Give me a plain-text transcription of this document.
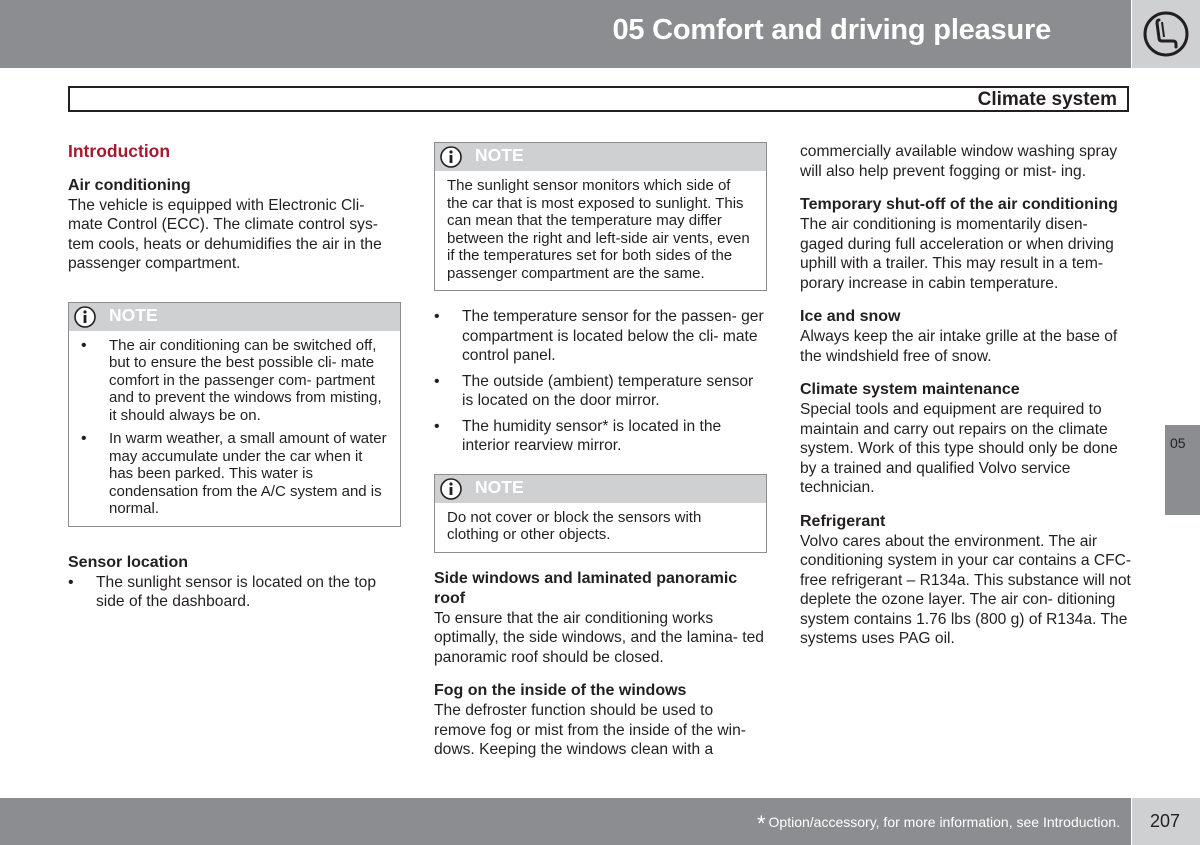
05 Comfort and driving pleasure
Climate system
Introduction
Air conditioning

The vehicle is equipped with Electronic Cli- mate Control (ECC). The climate control sys- tem cools, heats or dehumidifies the air in the passenger compartment.

NOTE
• The air conditioning can be switched off, but to ensure the best possible cli- mate comfort in the passenger com- partment and to prevent the windows from misting, it should always be on.
• In warm weather, a small amount of water may accumulate under the car when it has been parked. This water is condensation from the A/C system and is normal.
Sensor location
• The sunlight sensor is located on the top side of the dashboard.
NOTE
The sunlight sensor monitors which side of the car that is most exposed to sunlight. This can mean that the temperature may differ between the right and left-side air vents, even if the temperatures set for both sides of the passenger compartment are the same.
• The temperature sensor for the passen- ger compartment is located below the cli- mate control panel.
• The outside (ambient) temperature sensor is located on the door mirror.
• The humidity sensor* is located in the interior rearview mirror.
NOTE
Do not cover or block the sensors with clothing or other objects.
Side windows and laminated panoramic roof

To ensure that the air conditioning works optimally, the side windows, and the lamina- ted panoramic roof should be closed.

Fog on the inside of the windows

The defroster function should be used to remove fog or mist from the inside of the win- dows. Keeping the windows clean with a

commercially available window washing spray will also help prevent fogging or mist- ing.

Temporary shut-off of the air conditioning

The air conditioning is momentarily disen- gaged during full acceleration or when driving uphill with a trailer. This may result in a tem- porary increase in cabin temperature.

Ice and snow

Always keep the air intake grille at the base of the windshield free of snow.

Climate system maintenance

Special tools and equipment are required to maintain and carry out repairs on the climate system. Work of this type should only be done by a trained and qualified Volvo service technician.

Refrigerant

Volvo cares about the environment. The air conditioning system in your car contains a CFC-free refrigerant – R134a. This substance will not deplete the ozone layer. The air con- ditioning system contains 1.76 lbs (800 g) of R134a. The systems uses PAG oil.

05
* Option/accessory, for more information, see Introduction. 207
